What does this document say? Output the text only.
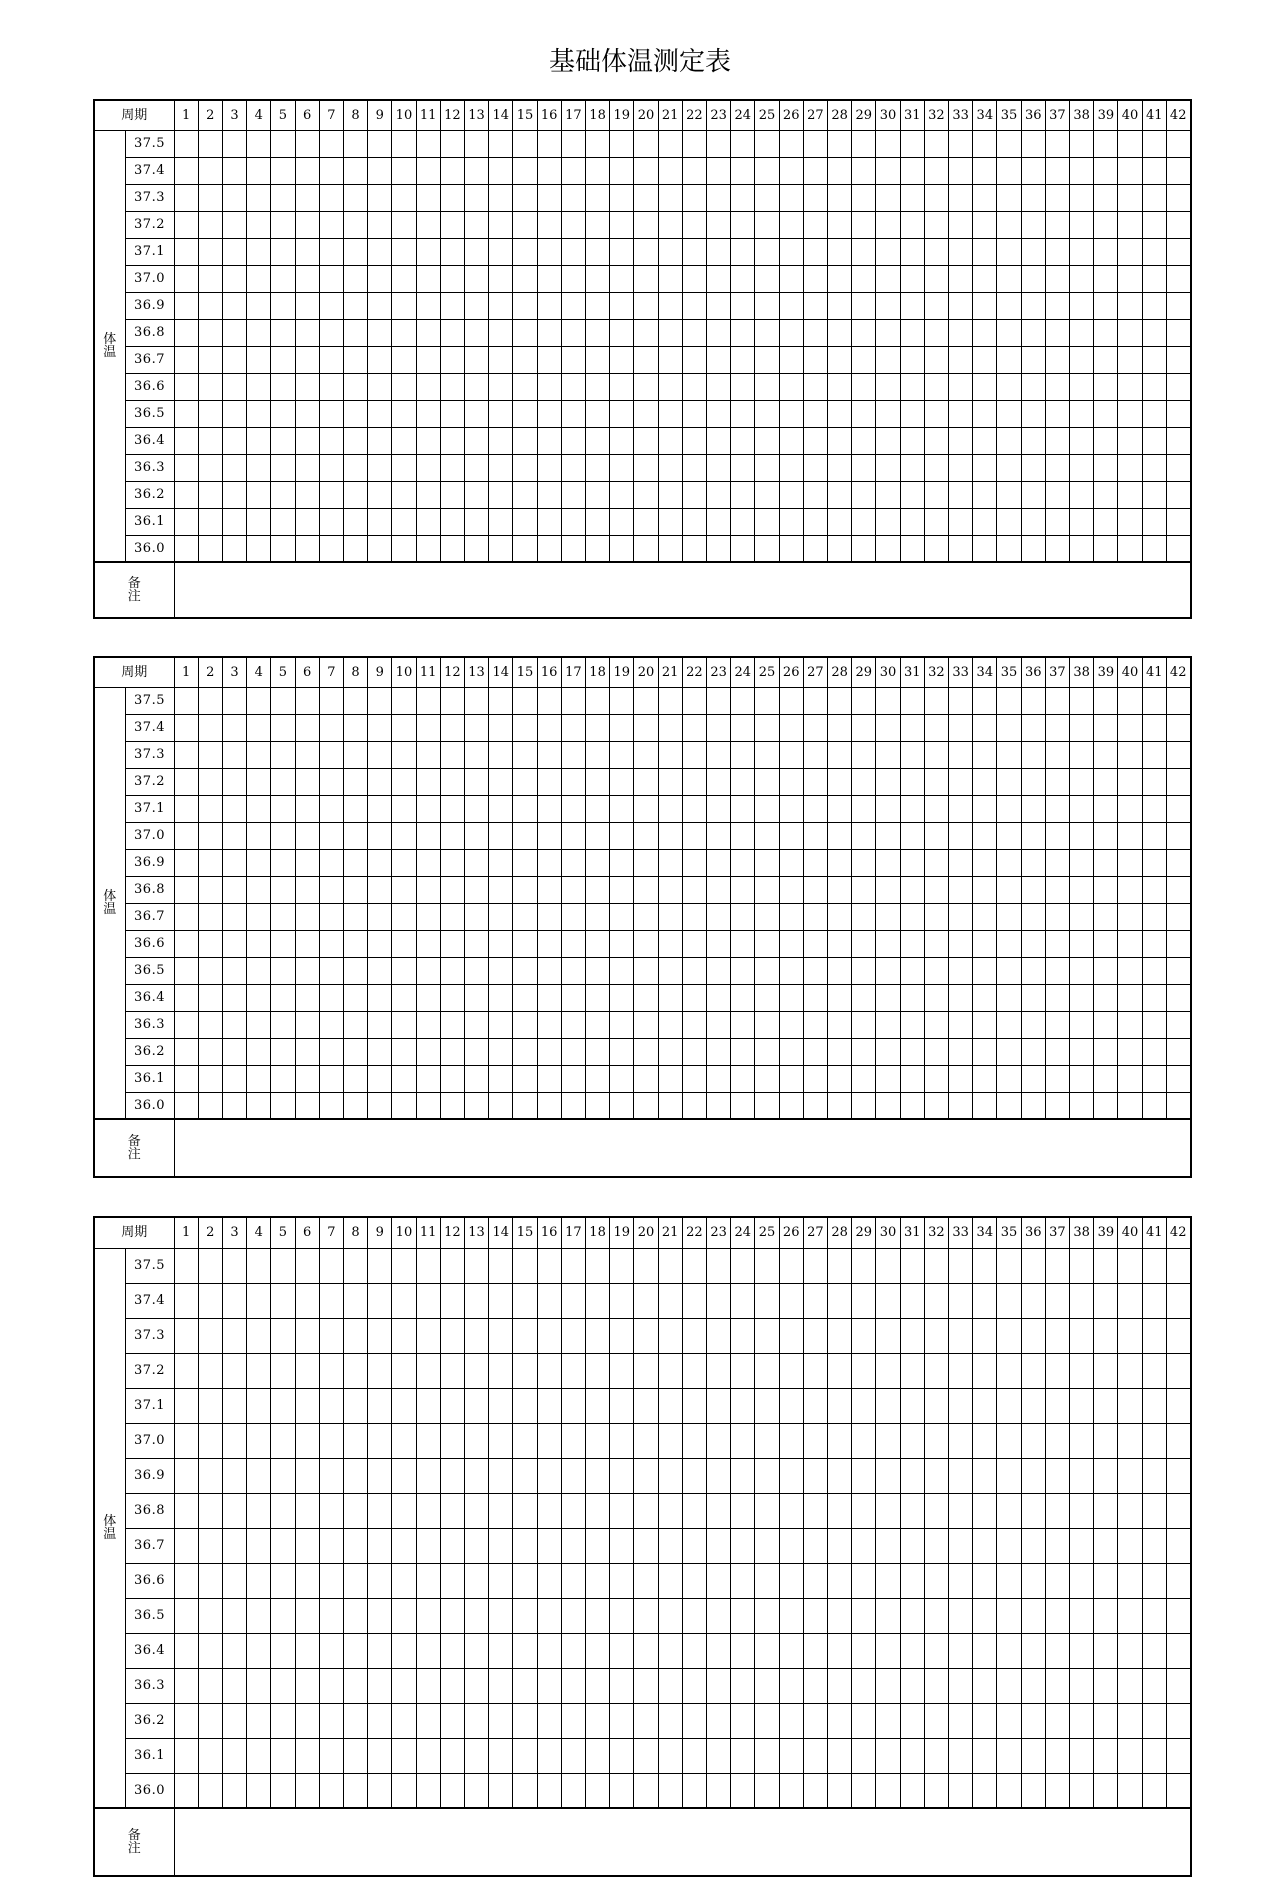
基础体温测定表
周期		1	2	3	4	5	6	7	8	9	10	11	12	13	14	15	16	17	18	19	20	21	22	23	24	25	26	27	28	29	30	31	32	33	34	35	36	37	38	39	40	41	42

体
温	37.5																																										
	37.4																																										
	37.3																																										
	37.2																																										
	37.1																																										
	37.0																																										
	36.9																																										
	36.8																																										
	36.7																																										
	36.6																																										
	36.5																																										
	36.4																																										
	36.3																																										
	36.2																																										
	36.1																																										
	36.0																																										

备
注																																											

周期		1	2	3	4	5	6	7	8	9	10	11	12	13	14	15	16	17	18	19	20	21	22	23	24	25	26	27	28	29	30	31	32	33	34	35	36	37	38	39	40	41	42

体
温	37.5																																										
	37.4																																										
	37.3																																										
	37.2																																										
	37.1																																										
	37.0																																										
	36.9																																										
	36.8																																										
	36.7																																										
	36.6																																										
	36.5																																										
	36.4																																										
	36.3																																										
	36.2																																										
	36.1																																										
	36.0																																										

备
注																																											

周期		1	2	3	4	5	6	7	8	9	10	11	12	13	14	15	16	17	18	19	20	21	22	23	24	25	26	27	28	29	30	31	32	33	34	35	36	37	38	39	40	41	42

体
温	37.5																																										
	37.4																																										
	37.3																																										
	37.2																																										
	37.1																																										
	37.0																																										
	36.9																																										
	36.8																																										
	36.7																																										
	36.6																																										
	36.5																																										
	36.4																																										
	36.3																																										
	36.2																																										
	36.1																																										
	36.0																																										

备
注																																											
